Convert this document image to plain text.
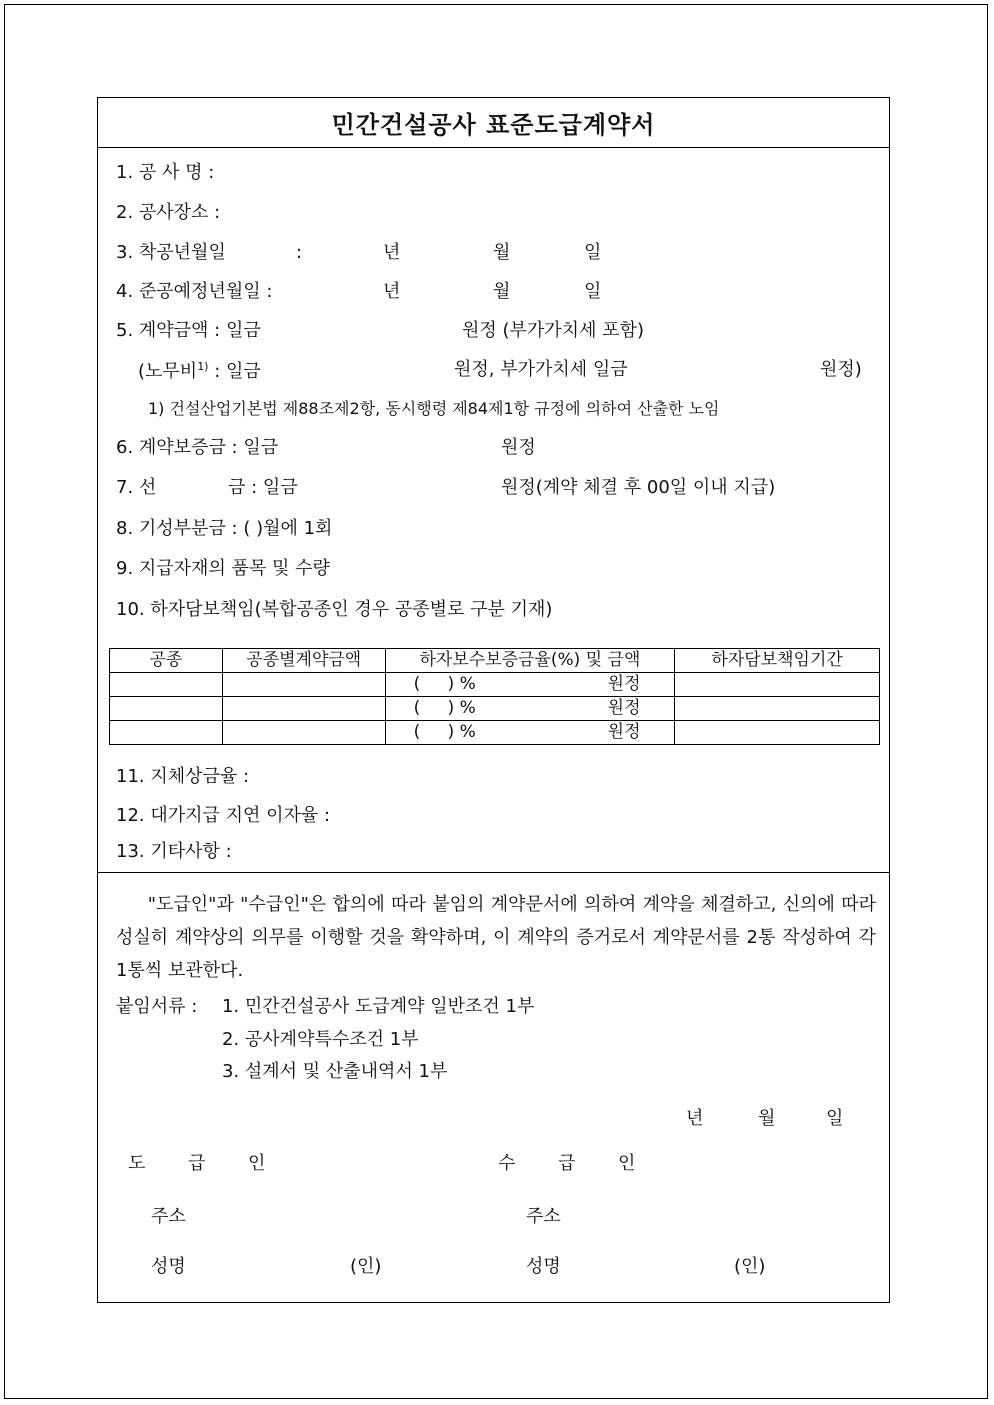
민간건설공사 표준도급계약서
1. 공 사 명 :
2. 공사장소 :
3. 착공년월일	:	년	월	일
4. 준공예정년월일 :	년	월	일
5. 계약금액 : 일금	원정 (부가가치세 포함)
(노무비$^{1)}$ : 일금	원정, 부가가치세 일금	원정)
1) 건설산업기본법 제88조제2항, 동시행령 제84제1항 규정에 의하여 산출한 노임
6. 계약보증금 : 일금	원정
7. 선	금 : 일금	원정(계약 체결 후 00일 이내 지급)
8. 기성부분금 : ( )월에 1회
9. 지급자재의 품목 및 수량
10. 하자담보책임(복합공종인 경우 공종별로 구분 기재)
공종	공종별계약금액	하자보수보증금율(%) 및 금액	하자담보책임기간

		( ) % 원정	

		( ) % 원정	

		( ) % 원정	

11. 지체상금율 :
12. 대가지급 지연 이자율 :
13. 기타사항 :
"도급인"과 "수급인"은 합의에 따라 붙임의 계약문서에 의하여 계약을 체결하고, 신의에 따라 성실히 계약상의 의무를 이행할 것을 확약하며, 이 계약의 증거로서 계약문서를 2통 작성하여 각 1통씩 보관한다.
붙임서류 : 1. 민간건설공사 도급계약 일반조건 1부
2. 공사계약특수조건 1부
3. 설계서 및 산출내역서 1부
년	월	일
도 급 인	수 급 인
주소	주소
성명	(인)	성명	(인)
